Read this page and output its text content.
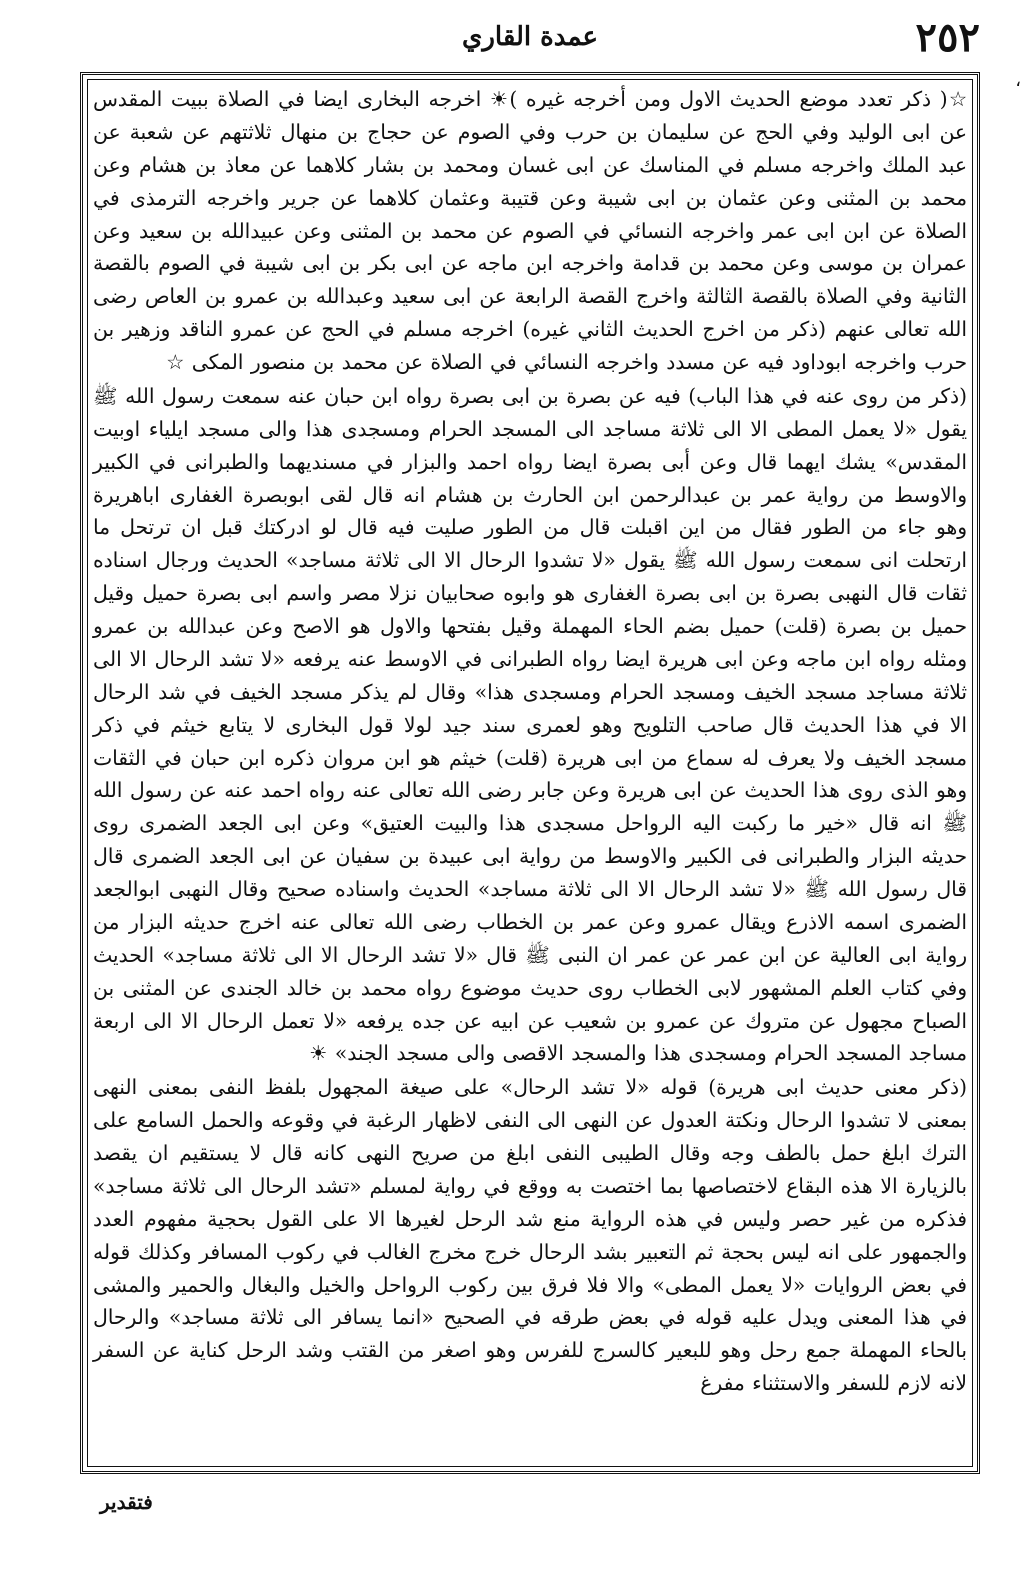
٢٥٢
عمدة القاري
،

☆( ذكر تعدد موضع الحديث الاول ومن أخرجه غيره )☀ اخرجه البخارى ايضا في الصلاة ببيت المقدس عن ابى الوليد وفي الحج عن سليمان بن حرب وفي الصوم عن حجاج بن منهال ثلاثتهم عن شعبة عن عبد الملك واخرجه مسلم في المناسك عن ابى غسان ومحمد بن بشار كلاهما عن معاذ بن هشام وعن محمد بن المثنى وعن عثمان بن ابى شيبة وعن قتيبة وعثمان كلاهما عن جرير واخرجه الترمذى في الصلاة عن ابن ابى عمر واخرجه النسائي في الصوم عن محمد بن المثنى وعن عبيدالله بن سعيد وعن عمران بن موسى وعن محمد بن قدامة واخرجه ابن ماجه عن ابى بكر بن ابى شيبة في الصوم بالقصة الثانية وفي الصلاة بالقصة الثالثة واخرج القصة الرابعة عن ابى سعيد وعبدالله بن عمرو بن العاص رضى الله تعالى عنهم (ذكر من اخرج الحديث الثاني غيره) اخرجه مسلم في الحج عن عمرو الناقد وزهير بن حرب واخرجه ابوداود فيه عن مسدد واخرجه النسائي في الصلاة عن محمد بن منصور المكى ☆

(ذكر من روى عنه في هذا الباب) فيه عن بصرة بن ابى بصرة رواه ابن حبان عنه سمعت رسول الله ﷺ يقول «لا يعمل المطى الا الى ثلاثة مساجد الى المسجد الحرام ومسجدى هذا والى مسجد ايلياء اوبيت المقدس» يشك ايهما قال وعن أبى بصرة ايضا رواه احمد والبزار في مسنديهما والطبرانى في الكبير والاوسط من رواية عمر بن عبدالرحمن ابن الحارث بن هشام انه قال لقى ابوبصرة الغفارى اباهريرة وهو جاء من الطور فقال من اين اقبلت قال من الطور صليت فيه قال لو ادركتك قبل ان ترتحل ما ارتحلت انى سمعت رسول الله ﷺ يقول «لا تشدوا الرحال الا الى ثلاثة مساجد» الحديث ورجال اسناده ثقات قال النهبى بصرة بن ابى بصرة الغفارى هو وابوه صحابيان نزلا مصر واسم ابى بصرة حميل وقيل حميل بن بصرة (قلت) حميل بضم الحاء المهملة وقيل بفتحها والاول هو الاصح وعن عبدالله بن عمرو ومثله رواه ابن ماجه وعن ابى هريرة ايضا رواه الطبرانى في الاوسط عنه يرفعه «لا تشد الرحال الا الى ثلاثة مساجد مسجد الخيف ومسجد الحرام ومسجدى هذا» وقال لم يذكر مسجد الخيف في شد الرحال الا في هذا الحديث قال صاحب التلويح وهو لعمرى سند جيد لولا قول البخارى لا يتابع خيثم في ذكر مسجد الخيف ولا يعرف له سماع من ابى هريرة (قلت) خيثم هو ابن مروان ذكره ابن حبان في الثقات وهو الذى روى هذا الحديث عن ابى هريرة وعن جابر رضى الله تعالى عنه رواه احمد عنه عن رسول الله ﷺ انه قال «خير ما ركبت اليه الرواحل مسجدى هذا والبيت العتيق» وعن ابى الجعد الضمرى روى حديثه البزار والطبرانى فى الكبير والاوسط من رواية ابى عبيدة بن سفيان عن ابى الجعد الضمرى قال قال رسول الله ﷺ «لا تشد الرحال الا الى ثلاثة مساجد» الحديث واسناده صحيح وقال النهبى ابوالجعد الضمرى اسمه الاذرع ويقال عمرو وعن عمر بن الخطاب رضى الله تعالى عنه اخرج حديثه البزار من رواية ابى العالية عن ابن عمر عن عمر ان النبى ﷺ قال «لا تشد الرحال الا الى ثلاثة مساجد» الحديث وفي كتاب العلم المشهور لابى الخطاب روى حديث موضوع رواه محمد بن خالد الجندى عن المثنى بن الصباح مجهول عن متروك عن عمرو بن شعيب عن ابيه عن جده يرفعه «لا تعمل الرحال الا الى اربعة مساجد المسجد الحرام ومسجدى هذا والمسجد الاقصى والى مسجد الجند» ☀

(ذكر معنى حديث ابى هريرة) قوله «لا تشد الرحال» على صيغة المجهول بلفظ النفى بمعنى النهى بمعنى لا تشدوا الرحال ونكتة العدول عن النهى الى النفى لاظهار الرغبة في وقوعه والحمل السامع على الترك ابلغ حمل بالطف وجه وقال الطيبى النفى ابلغ من صريح النهى كانه قال لا يستقيم ان يقصد بالزيارة الا هذه البقاع لاختصاصها بما اختصت به ووقع في رواية لمسلم «تشد الرحال الى ثلاثة مساجد» فذكره من غير حصر وليس في هذه الرواية منع شد الرحل لغيرها الا على القول بحجية مفهوم العدد والجمهور على انه ليس بحجة ثم التعبير بشد الرحال خرج مخرج الغالب في ركوب المسافر وكذلك قوله في بعض الروايات «لا يعمل المطى» والا فلا فرق بين ركوب الرواحل والخيل والبغال والحمير والمشى في هذا المعنى ويدل عليه قوله في بعض طرقه في الصحيح «انما يسافر الى ثلاثة مساجد» والرحال بالحاء المهملة جمع رحل وهو للبعير كالسرج للفرس وهو اصغر من القتب وشد الرحل كناية عن السفر لانه لازم للسفر والاستثناء مفرغ

فتقدير
